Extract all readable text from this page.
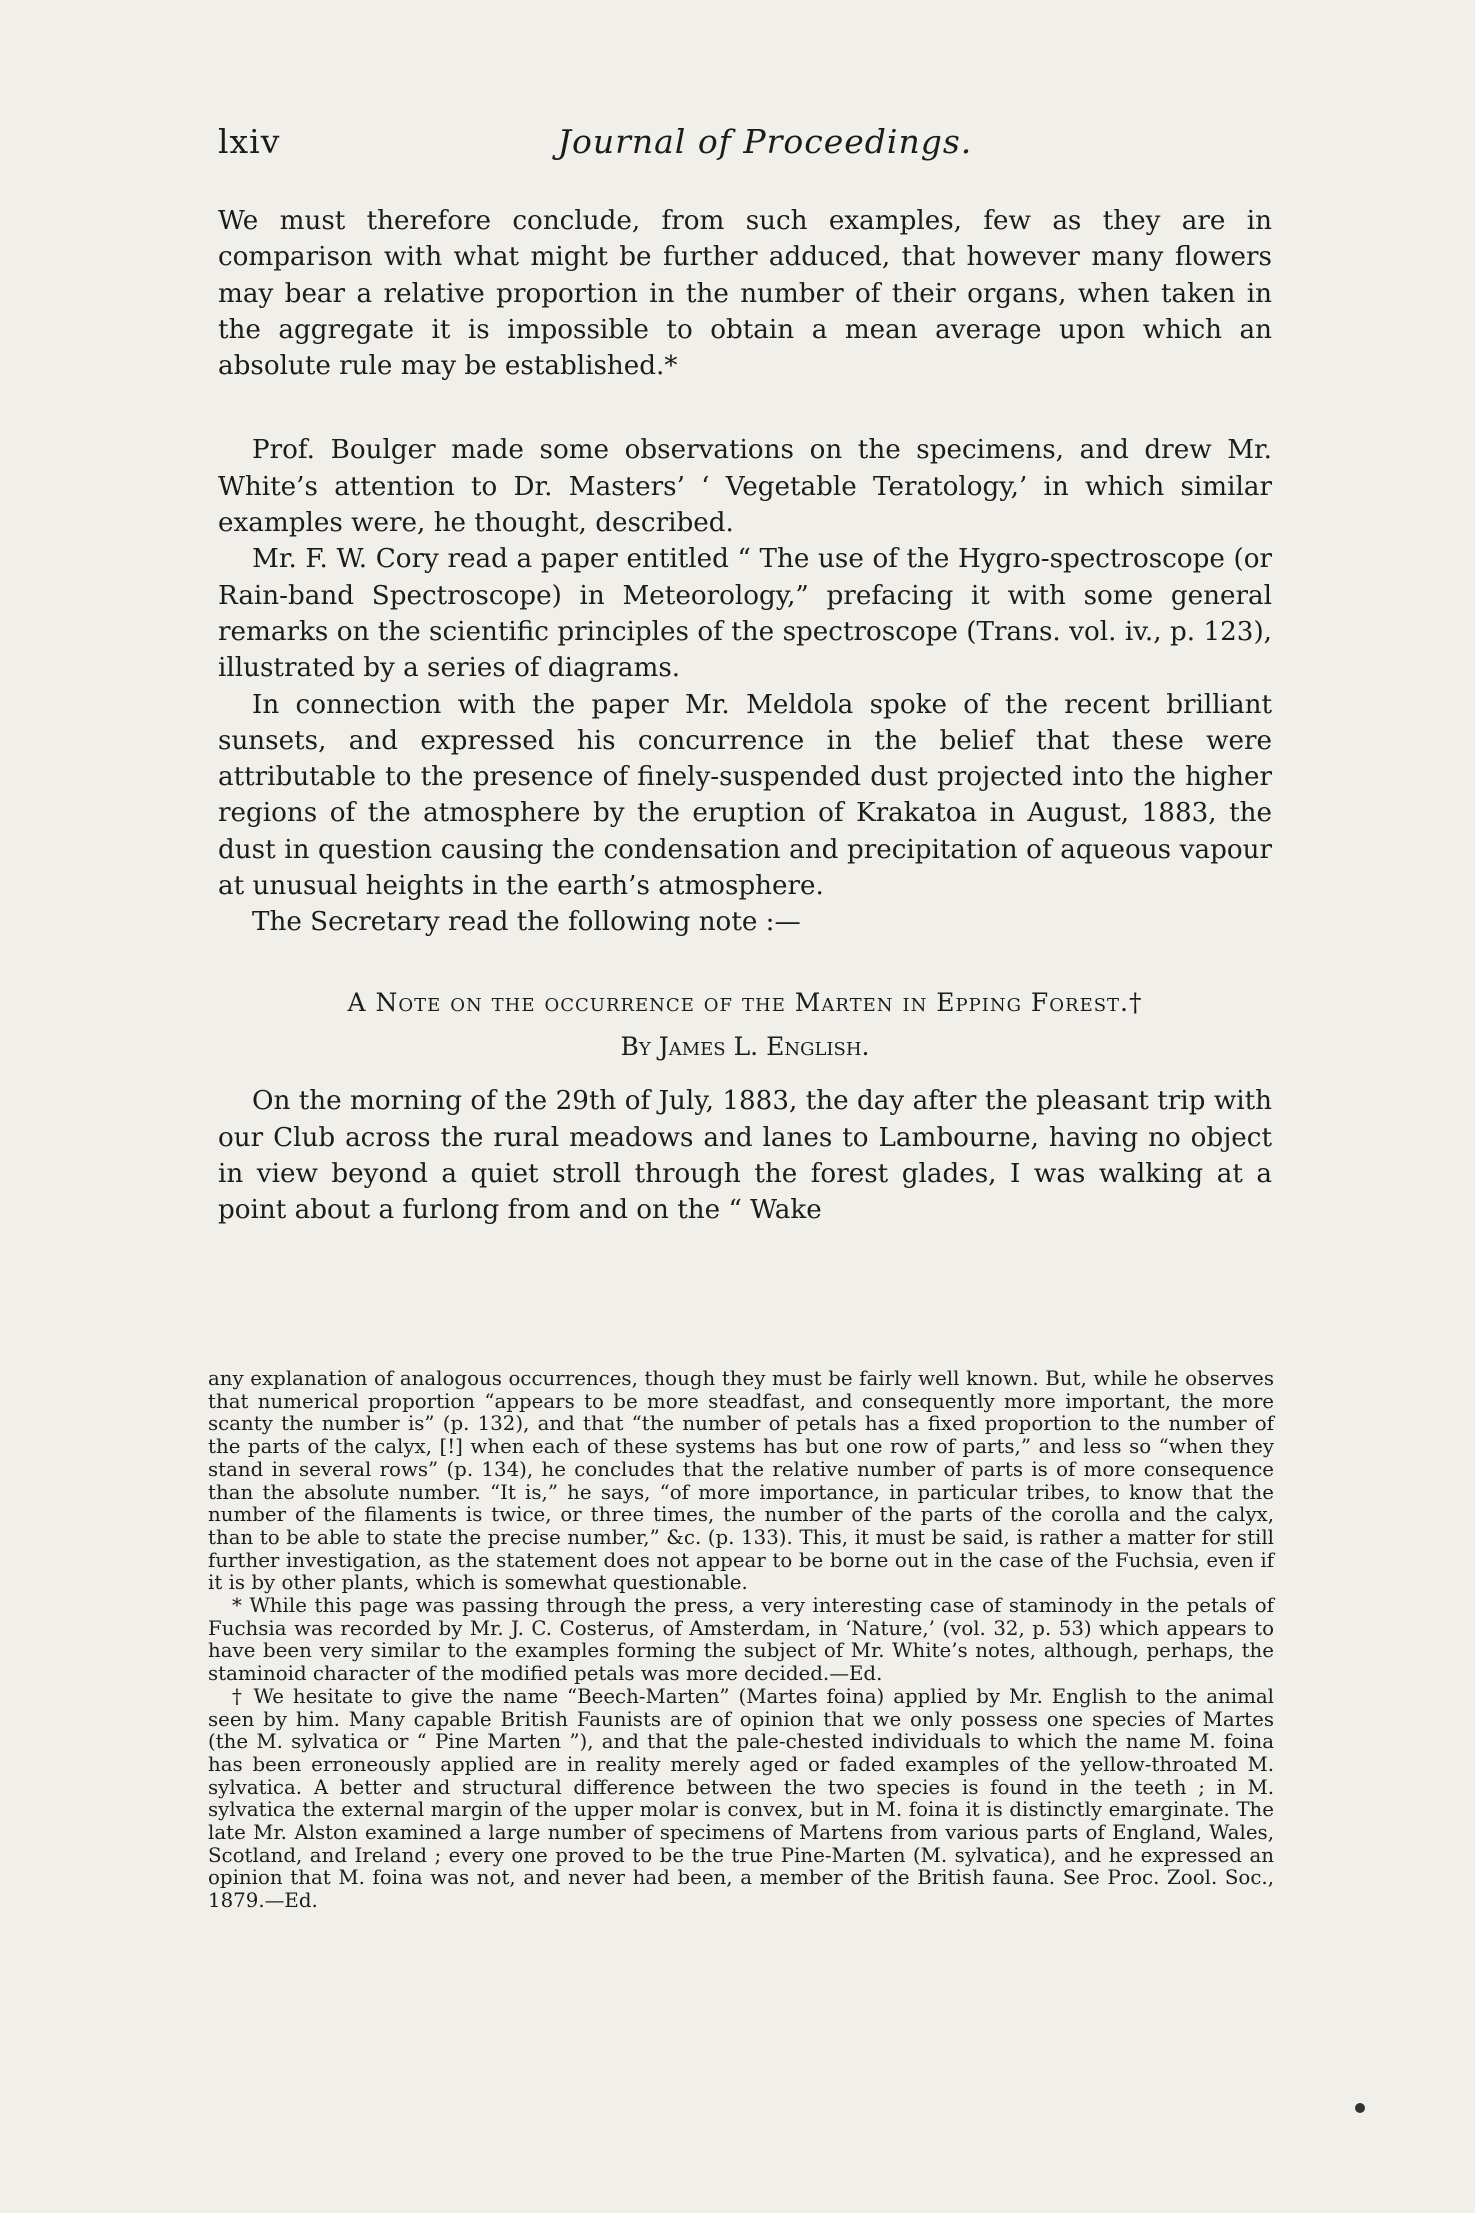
lxiv	Journal of Proceedings.

We must therefore conclude, from such examples, few as they are in comparison with what might be further adduced, that however many flowers may bear a relative proportion in the number of their organs, when taken in the aggregate it is impossible to obtain a mean average upon which an absolute rule may be established.*

Prof. Boulger made some observations on the specimens, and drew Mr. White’s attention to Dr. Masters’ ‘ Vegetable Teratology,’ in which similar examples were, he thought, described.

Mr. F. W. Cory read a paper entitled “ The use of the Hygro-spectroscope (or Rain-band Spectroscope) in Meteorology,” prefacing it with some general remarks on the scientific principles of the spectroscope (Trans. vol. iv., p. 123), illustrated by a series of diagrams.

In connection with the paper Mr. Meldola spoke of the recent brilliant sunsets, and expressed his concurrence in the belief that these were attributable to the presence of finely-suspended dust projected into the higher regions of the atmosphere by the eruption of Krakatoa in August, 1883, the dust in question causing the condensation and precipitation of aqueous vapour at unusual heights in the earth’s atmosphere.

The Secretary read the following note :—

A Note on the occurrence of the Marten in Epping Forest.†

By James L. English.

On the morning of the 29th of July, 1883, the day after the pleasant trip with our Club across the rural meadows and lanes to Lambourne, having no object in view beyond a quiet stroll through the forest glades, I was walking at a point about a furlong from and on the “ Wake

any explanation of analogous occurrences, though they must be fairly well known. But, while he observes that numerical proportion “appears to be more steadfast, and consequently more important, the more scanty the number is” (p. 132), and that “the number of petals has a fixed proportion to the number of the parts of the calyx, [!] when each of these systems has but one row of parts,” and less so “when they stand in several rows” (p. 134), he concludes that the relative number of parts is of more consequence than the absolute number. “It is,” he says, “of more importance, in particular tribes, to know that the number of the filaments is twice, or three times, the number of the parts of the corolla and the calyx, than to be able to state the precise number,” &c. (p. 133). This, it must be said, is rather a matter for still further investigation, as the statement does not appear to be borne out in the case of the Fuchsia, even if it is by other plants, which is somewhat questionable.

* While this page was passing through the press, a very interesting case of staminody in the petals of Fuchsia was recorded by Mr. J. C. Costerus, of Amsterdam, in ‘Nature,’ (vol. 32, p. 53) which appears to have been very similar to the examples forming the subject of Mr. White’s notes, although, perhaps, the staminoid character of the modified petals was more decided.—Ed.

† We hesitate to give the name “Beech-Marten” (Martes foina) applied by Mr. English to the animal seen by him. Many capable British Faunists are of opinion that we only possess one species of Martes (the M. sylvatica or “ Pine Marten ”), and that the pale-chested individuals to which the name M. foina has been erroneously applied are in reality merely aged or faded examples of the yellow-throated M. sylvatica. A better and structural difference between the two species is found in the teeth ; in M. sylvatica the external margin of the upper molar is convex, but in M. foina it is distinctly emarginate. The late Mr. Alston examined a large number of specimens of Martens from various parts of England, Wales, Scotland, and Ireland ; every one proved to be the true Pine-Marten (M. sylvatica), and he expressed an opinion that M. foina was not, and never had been, a member of the British fauna. See Proc. Zool. Soc., 1879.—Ed.
